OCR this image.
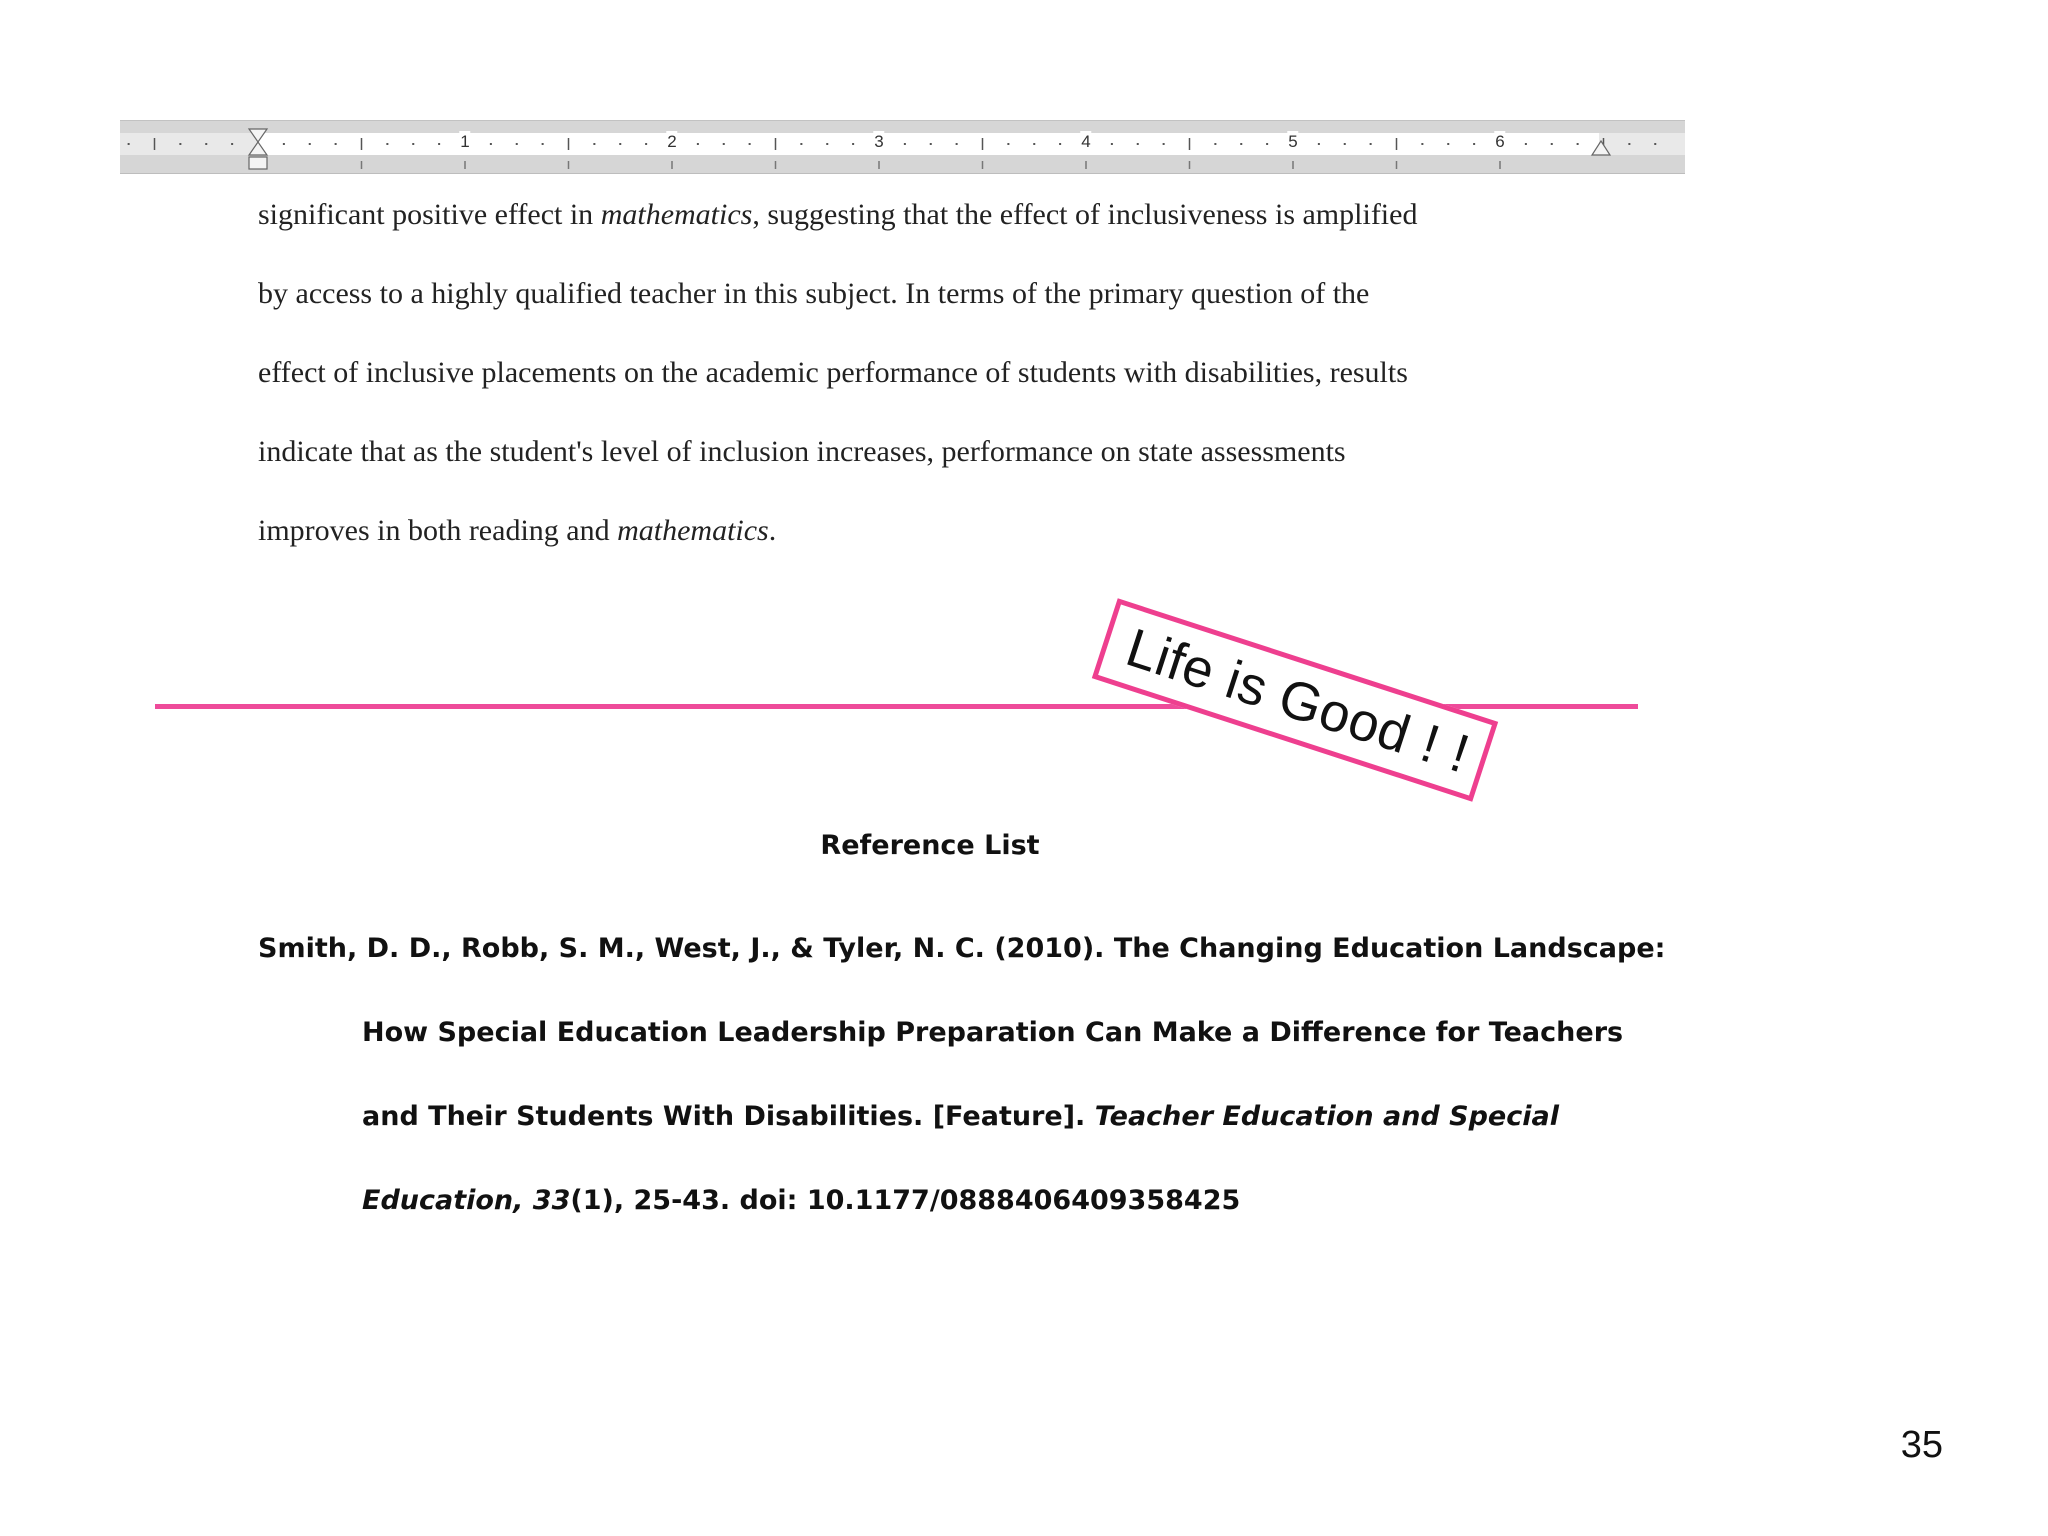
1	2	3	4	5	6

significant positive effect in mathematics, suggesting that the effect of inclusiveness is amplified
by access to a highly qualified teacher in this subject. In terms of the primary question of the
effect of inclusive placements on the academic performance of students with disabilities, results
indicate that as the student's level of inclusion increases, performance on state assessments
improves in both reading and mathematics.

Life is Good ! !
Reference List
Smith, D. D., Robb, S. M., West, J., & Tyler, N. C. (2010). The Changing Education Landscape:
How Special Education Leadership Preparation Can Make a Difference for Teachers
and Their Students With Disabilities. [Feature]. Teacher Education and Special
Education, 33(1), 25-43. doi: 10.1177/0888406409358425
35
